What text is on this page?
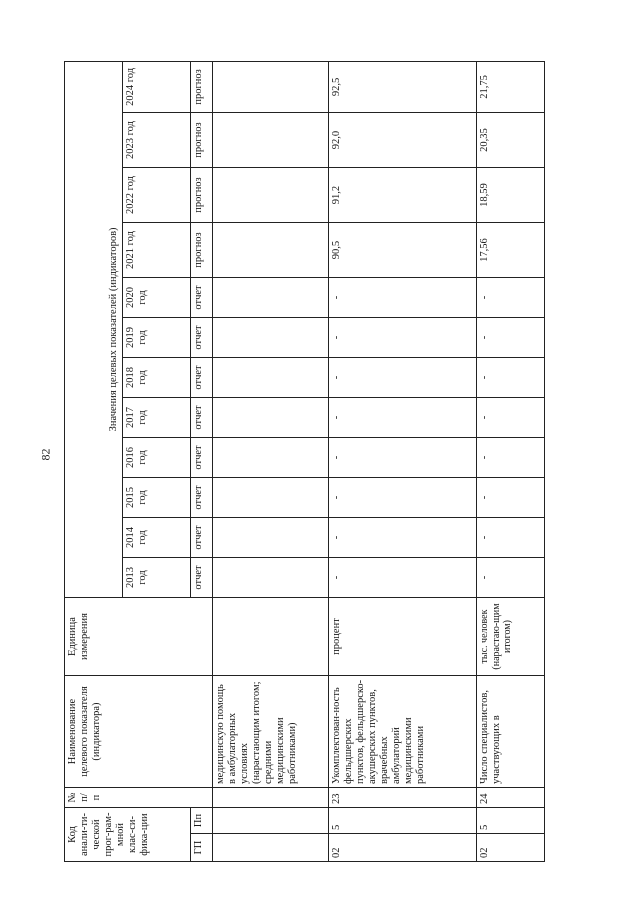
82
Код анали-ти-ческой прог-рам-мной клас-си-фика-ции		№ п/п	Наименование целевого показателя (индикатора)	Единица измерения	Значения целевых показателей (индикаторов)											
					2013 год	2014 год	2015 год	2016 год	2017 год	2018 год	2019 год	2020 год	2021 год	2022 год	2023 год	2024 год
ГП	Пп				отчет	отчет	отчет	отчет	отчет	отчет	отчет	отчет	прогноз	прогноз	прогноз	прогноз
			медицинскую помощь в амбулаторных условиях (нарастающим итогом; средними медицинскими работниками)													
02	5	23	Укомплектован-ность фельдшерских пунктов, фельдшерско-акушерских пунктов, врачебных амбулаторий медицинскими работниками	процент	-	-	-	-	-	-	-	-	90,5	91,2	92,0	92,5
02	5	24	Число специалистов, участвующих в	тыс. человек (нарастаю-щим итогом)	-	-	-	-	-	-	-	-	17,56	18,59	20,35	21,75
